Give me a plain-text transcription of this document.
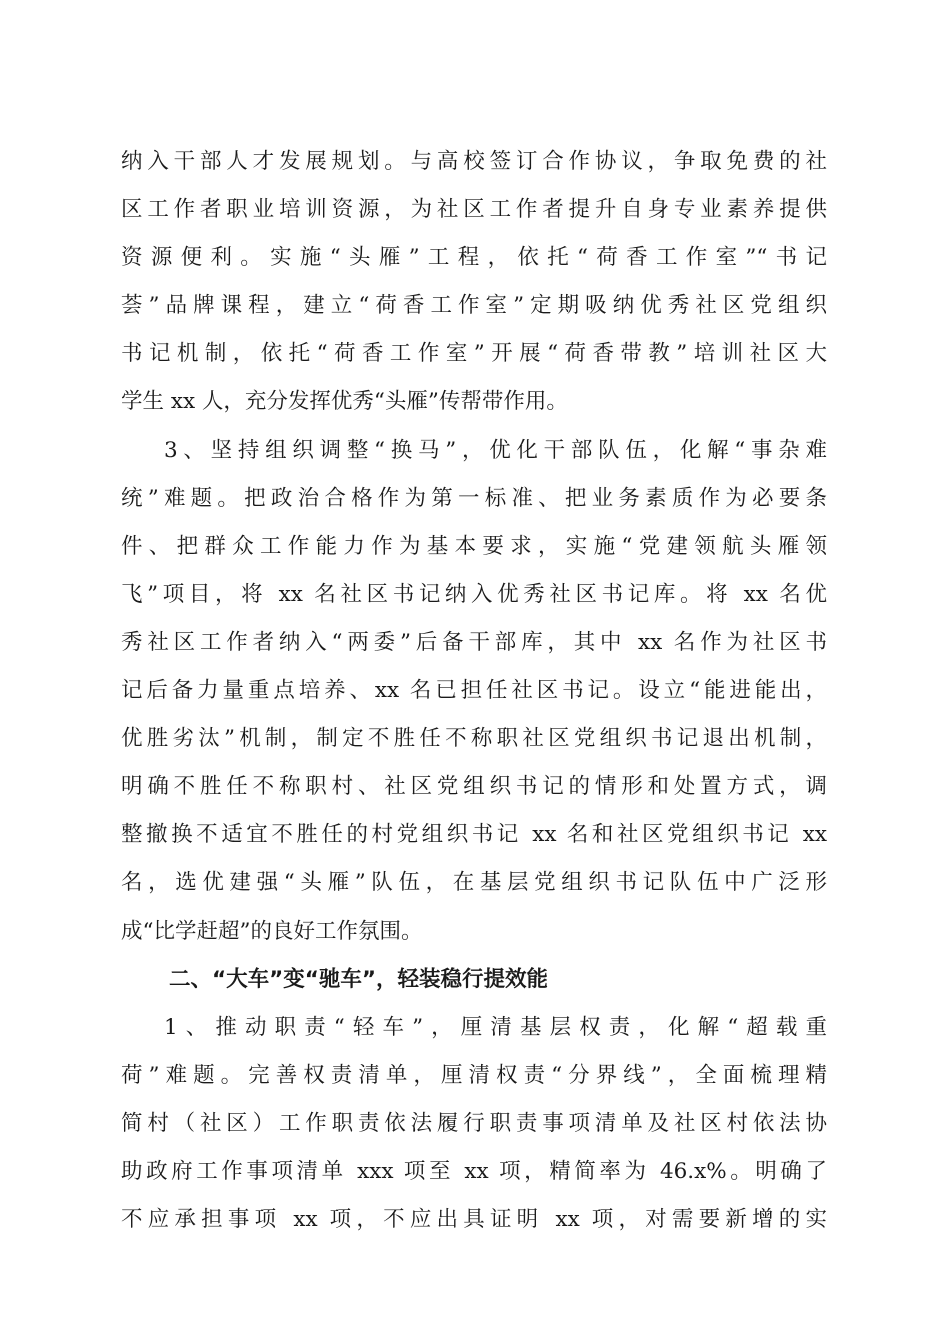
纳入干部人才发展规划。与高校签订合作协议，争取免费的社
区工作者职业培训资源，为社区工作者提升自身专业素养提供
资源便利。实施“头雁”工程，依托“荷香工作室”“书记
荟”品牌课程，建立“荷香工作室”定期吸纳优秀社区党组织
书记机制，依托“荷香工作室”开展“荷香带教”培训社区大
学生 xx 人，充分发挥优秀“头雁”传帮带作用。
3、坚持组织调整“换马”，优化干部队伍，化解“事杂难
统”难题。把政治合格作为第一标准、把业务素质作为必要条
件、把群众工作能力作为基本要求，实施“党建领航头雁领
飞”项目，将 xx 名社区书记纳入优秀社区书记库。将 xx 名优
秀社区工作者纳入“两委”后备干部库，其中 xx 名作为社区书
记后备力量重点培养、xx 名已担任社区书记。设立“能进能出，
优胜劣汰”机制，制定不胜任不称职社区党组织书记退出机制，
明确不胜任不称职村、社区党组织书记的情形和处置方式，调
整撤换不适宜不胜任的村党组织书记 xx 名和社区党组织书记 xx
名，选优建强“头雁”队伍，在基层党组织书记队伍中广泛形
成“比学赶超”的良好工作氛围。
二、“大车”变“驰车”，轻装稳行提效能
1、推动职责“轻车”，厘清基层权责，化解“超载重
荷”难题。完善权责清单，厘清权责“分界线”，全面梳理精
简村（社区）工作职责依法履行职责事项清单及社区村依法协
助政府工作事项清单 xxx 项至 xx 项，精简率为 46.x%。明确了
不应承担事项 xx 项，不应出具证明 xx 项，对需要新增的实
